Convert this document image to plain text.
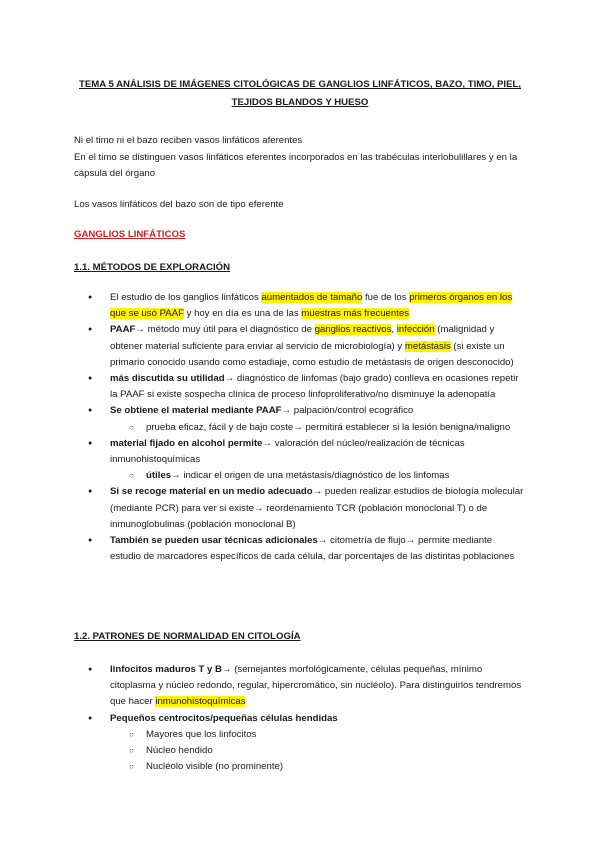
TEMA 5 ANÁLISIS DE IMÁGENES CITOLÓGICAS DE GANGLIOS LINFÁTICOS, BAZO, TIMO, PIEL,
TEJIDOS BLANDOS Y HUESO
Ni el timo ni el bazo reciben vasos linfáticos aferentes
En el timo se distinguen vasos linfáticos eferentes incorporados en las trabéculas interlobulillares y en la cápsula del órgano
Los vasos linfáticos del bazo son de tipo eferente
GANGLIOS LINFÁTICOS
1.1. MÉTODOS DE EXPLORACIÓN
● El estudio de los ganglios linfáticos aumentados de tamaño fue de los primeros órganos en los que se usó PAAF y hoy en día es una de las muestras más frecuentes
● PAAF→ método muy útil para el diagnóstico de ganglios reactivos, infección (malignidad y obtener material suficiente para enviar al servicio de microbiología) y metástasis (si existe un primario conocido usando como estadiaje, como estudio de metástasis de origen desconocido)
● más discutida su utilidad→ diagnóstico de linfomas (bajo grado) conlleva en ocasiones repetir la PAAF si existe sospecha clínica de proceso linfoproliferativo/no disminuye la adenopatía
● Se obtiene el material mediante PAAF→ palpación/control ecográfico
○ prueba eficaz, fácil y de bajo coste→ permitirá establecer si la lesión benigna/maligno
● material fijado en alcohol permite→ valoración del núcleo/realización de técnicas inmunohistoquímicas
○ útiles→ indicar el origen de una metástasis/diagnóstico de los linfomas
● Si se recoge material en un medio adecuado→ pueden realizar estudios de biología molecular (mediante PCR) para ver si existe→ reordenamiento TCR (población monoclonal T) o de inmunoglobulinas (población monoclonal B)
● También se pueden usar técnicas adicionales→ citometría de flujo→ permite mediante estudio de marcadores específicos de cada célula, dar porcentajes de las distintas poblaciones
1.2. PATRONES DE NORMALIDAD EN CITOLOGÍA
● linfocitos maduros T y B→ (semejantes morfológicamente, células pequeñas, mínimo citoplasma y núcleo redondo, regular, hipercromático, sin nucléolo). Para distinguirlos tendremos que hacer inmunohistoquímicas
● Pequeños centrocitos/pequeñas células hendidas
○ Mayores que los linfocitos
○ Núcleo hendido
○ Nucléolo visible (no prominente)
